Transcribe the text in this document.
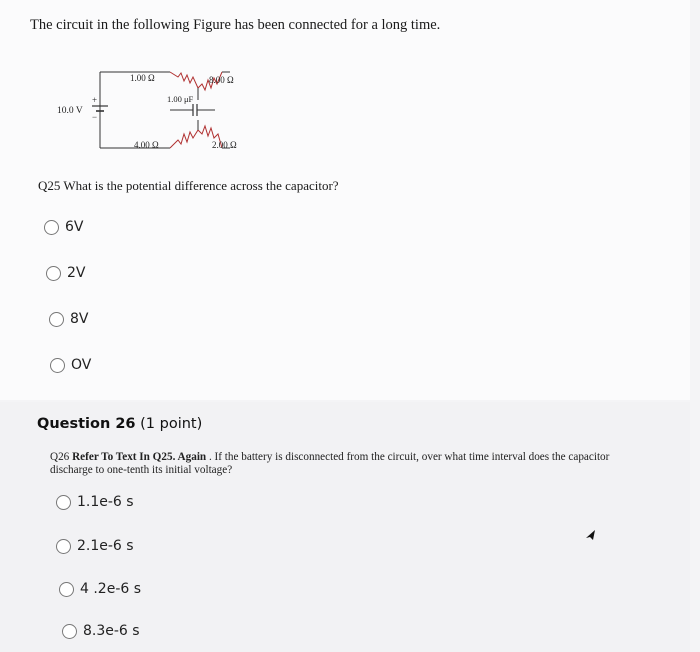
The circuit in the following Figure has been connected for a long time.
10.0 V
+
−
1.00 Ω	8.00 Ω
1.00 μF
4.00 Ω	2.00 Ω
Q25 What is the potential difference across the capacitor?
6V
2V
8V
OV
Question 26 (1 point)
Q26 Refer To Text In Q25. Again . If the battery is disconnected from the circuit, over what time interval does the capacitor discharge to one-tenth its initial voltage?
1.1e-6 s
2.1e-6 s
4 .2e-6 s
8.3e-6 s
